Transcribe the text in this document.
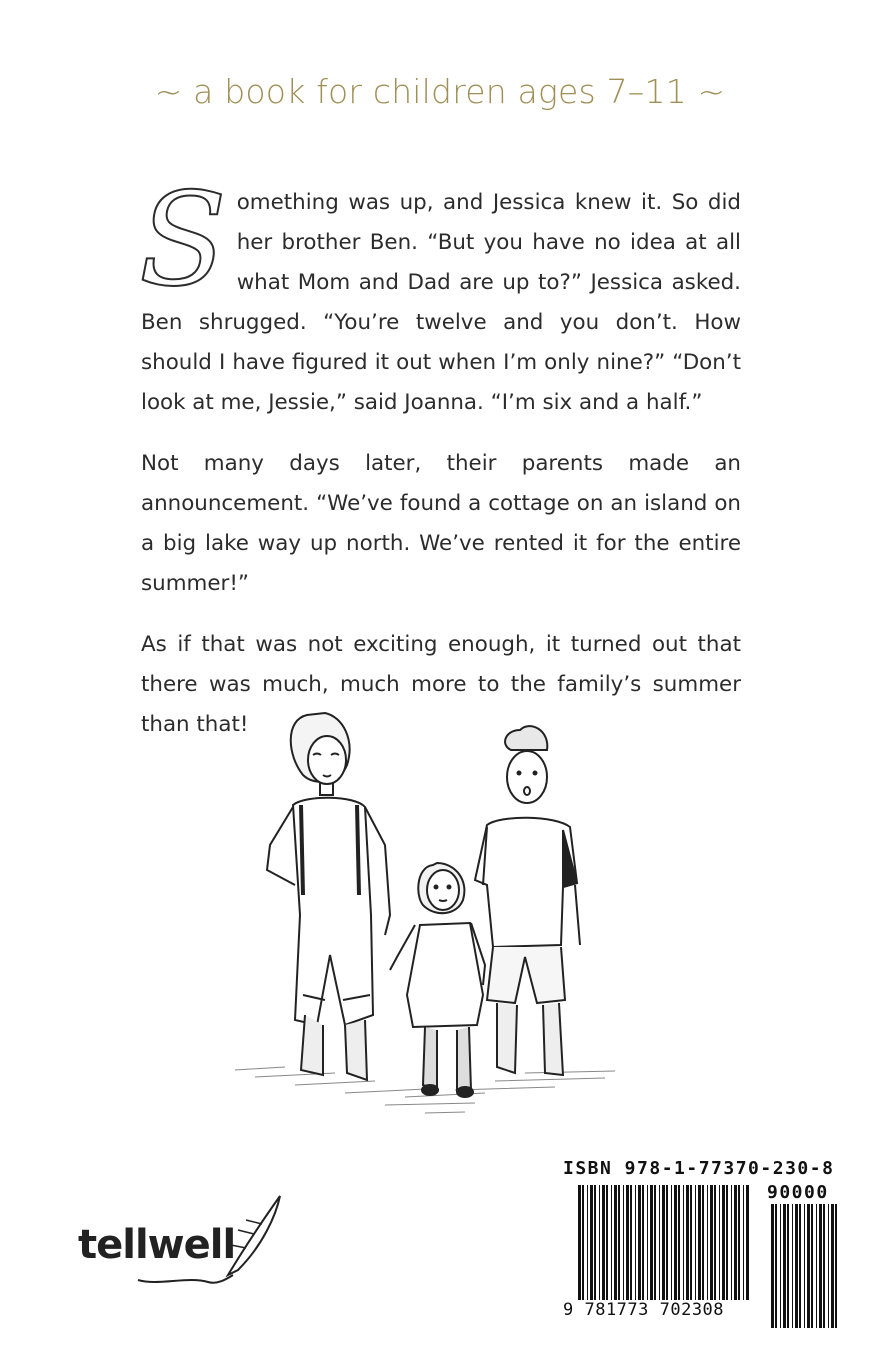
~ a book for children ages 7–11 ~

Something was up, and Jessica knew it. So did her brother Ben. “But you have no idea at all what Mom and Dad are up to?” Jessica asked. Ben shrugged. “You’re twelve and you don’t. How should I have figured it out when I’m only nine?” “Don’t look at me, Jessie,” said Joanna. “I’m six and a half.”

Not many days later, their parents made an announcement. “We’ve found a cottage on an island on a big lake way up north. We’ve rented it for the entire summer!”

As if that was not exciting enough, it turned out that there was much, much more to the family’s summer than that!

tellwell
ISBN 978-1-77370-230-8
90000
9 781773 702308
